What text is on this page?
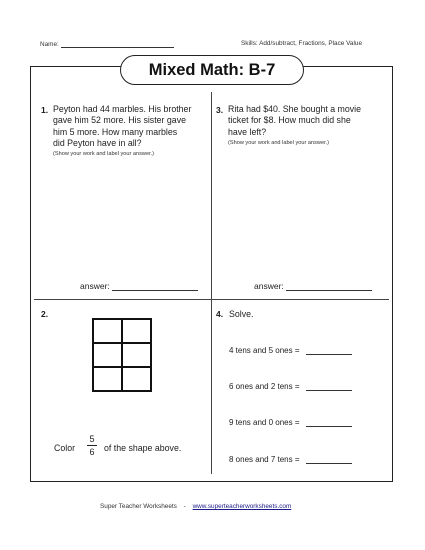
Name:	Skills: Add/subtract, Fractions, Place Value
Mixed Math: B-7
1. Peyton had 44 marbles. His brother
gave him 52 more. His sister gave
him 5 more. How many marbles
did Peyton have in all?
(Show your work and label your answer.)
answer:
3. Rita had $40. She bought a movie
ticket for $8. How much did she
have left?
(Show your work and label your answer.)
answer:
2.
Color
5
6 of the shape above.
4. Solve.
4 tens and 5 ones =
6 ones and 2 tens =
9 tens and 0 ones =
8 ones and 7 tens =
Super Teacher Worksheets - www.superteacherworksheets.com
